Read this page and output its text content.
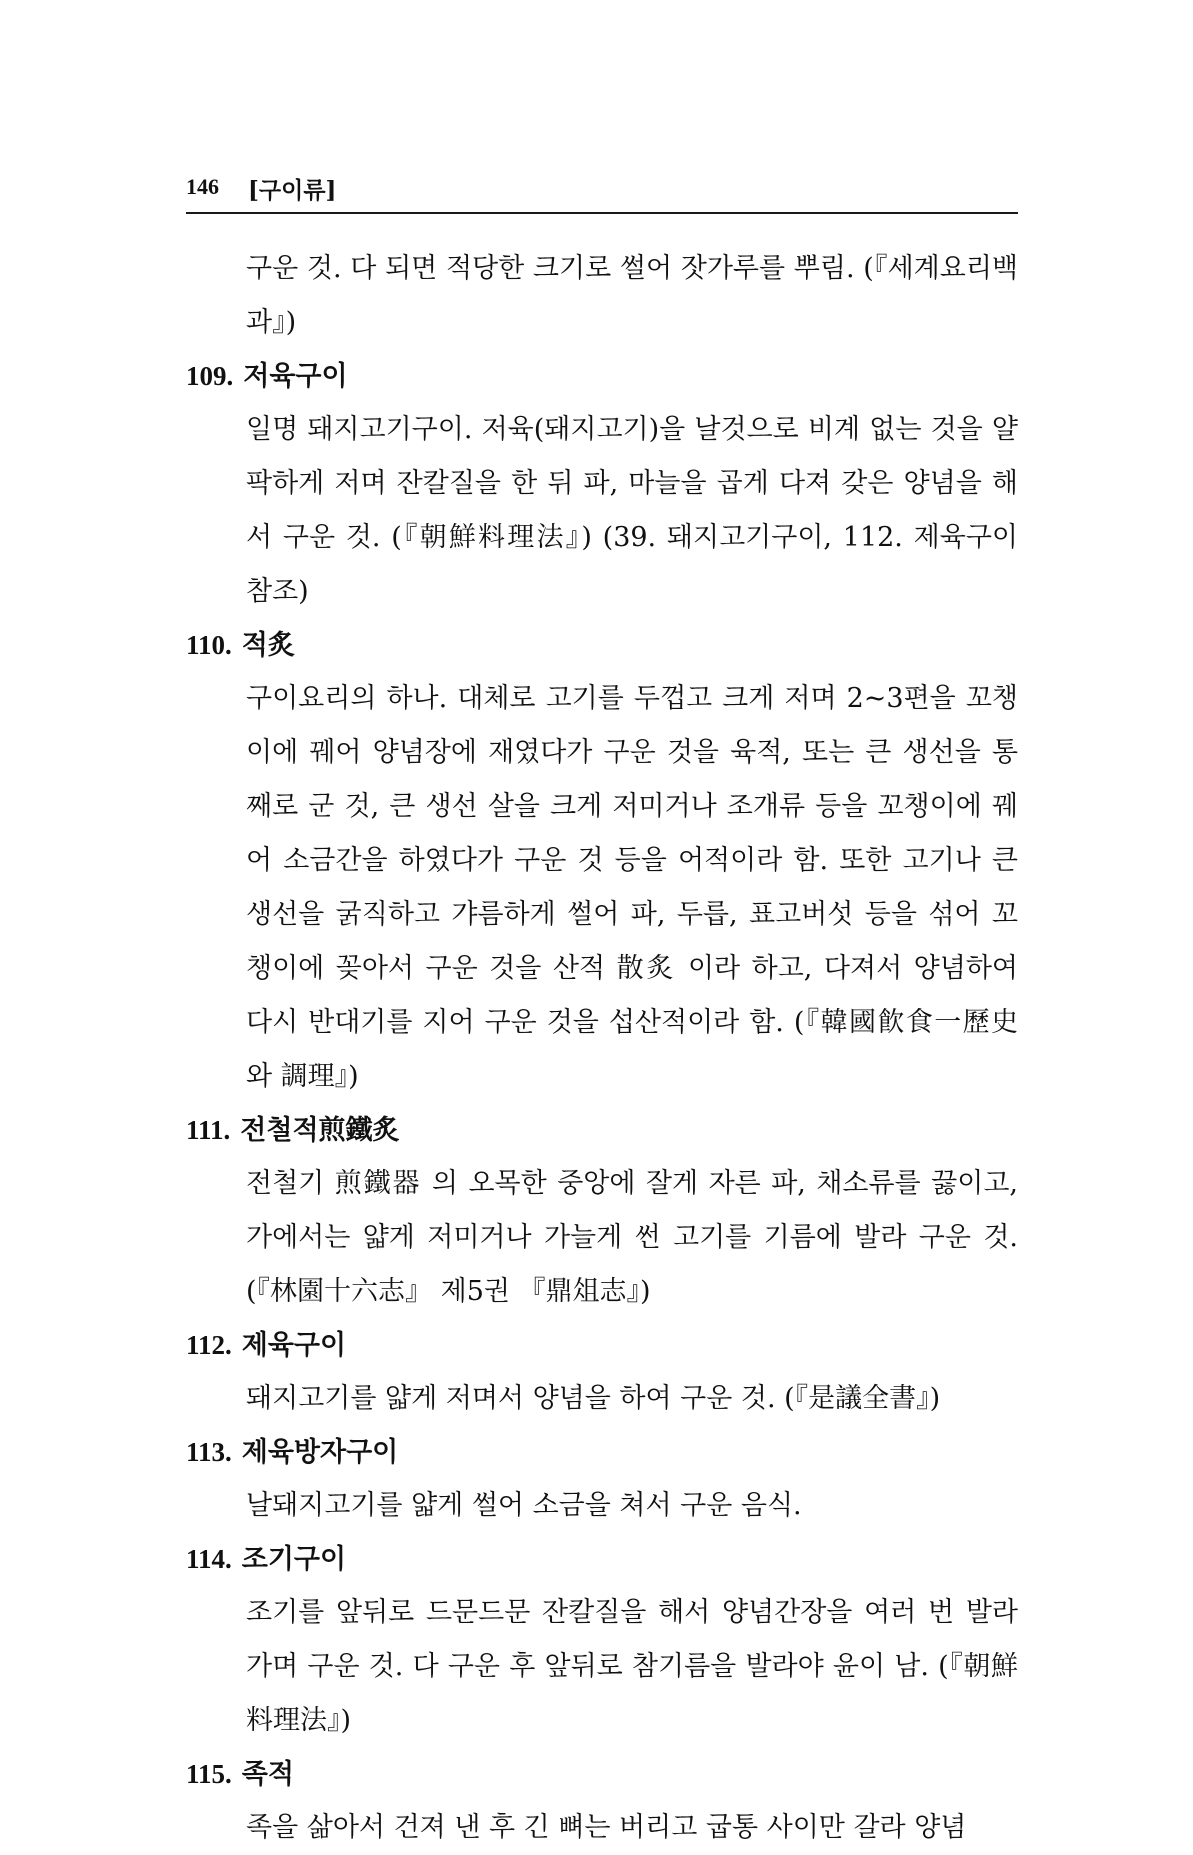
146 [구이류]

구운 것. 다 되면 적당한 크기로 썰어 잣가루를 뿌림. (『세계요리백과』)

109. 저육구이

일명 돼지고기구이. 저육(돼지고기)을 날것으로 비계 없는 것을 얄팍하게 저며 잔칼질을 한 뒤 파, 마늘을 곱게 다져 갖은 양념을 해서 구운 것. (『朝鮮料理法』) (39. 돼지고기구이, 112. 제육구이 참조)

110. 적炙

구이요리의 하나. 대체로 고기를 두껍고 크게 저며 2~3편을 꼬챙이에 꿰어 양념장에 재였다가 구운 것을 육적, 또는 큰 생선을 통째로 군 것, 큰 생선 살을 크게 저미거나 조개류 등을 꼬챙이에 꿰어 소금간을 하였다가 구운 것 등을 어적이라 함. 또한 고기나 큰 생선을 굵직하고 갸름하게 썰어 파, 두릅, 표고버섯 등을 섞어 꼬챙이에 꽂아서 구운 것을 산적 散炙 이라 하고, 다져서 양념하여 다시 반대기를 지어 구운 것을 섭산적이라 함. (『韓國飮食一歷史와 調理』)

111. 전철적煎鐵炙

전철기 煎鐵器 의 오목한 중앙에 잘게 자른 파, 채소류를 끓이고, 가에서는 얇게 저미거나 가늘게 썬 고기를 기름에 발라 구운 것. (『林園十六志』 제5권 『鼎俎志』)

112. 제육구이

돼지고기를 얇게 저며서 양념을 하여 구운 것. (『是議全書』)

113. 제육방자구이

날돼지고기를 얇게 썰어 소금을 쳐서 구운 음식.

114. 조기구이

조기를 앞뒤로 드문드문 잔칼질을 해서 양념간장을 여러 번 발라가며 구운 것. 다 구운 후 앞뒤로 참기름을 발라야 윤이 남. (『朝鮮料理法』)

115. 족적

족을 삶아서 건져 낸 후 긴 뼈는 버리고 굽통 사이만 갈라 양념
